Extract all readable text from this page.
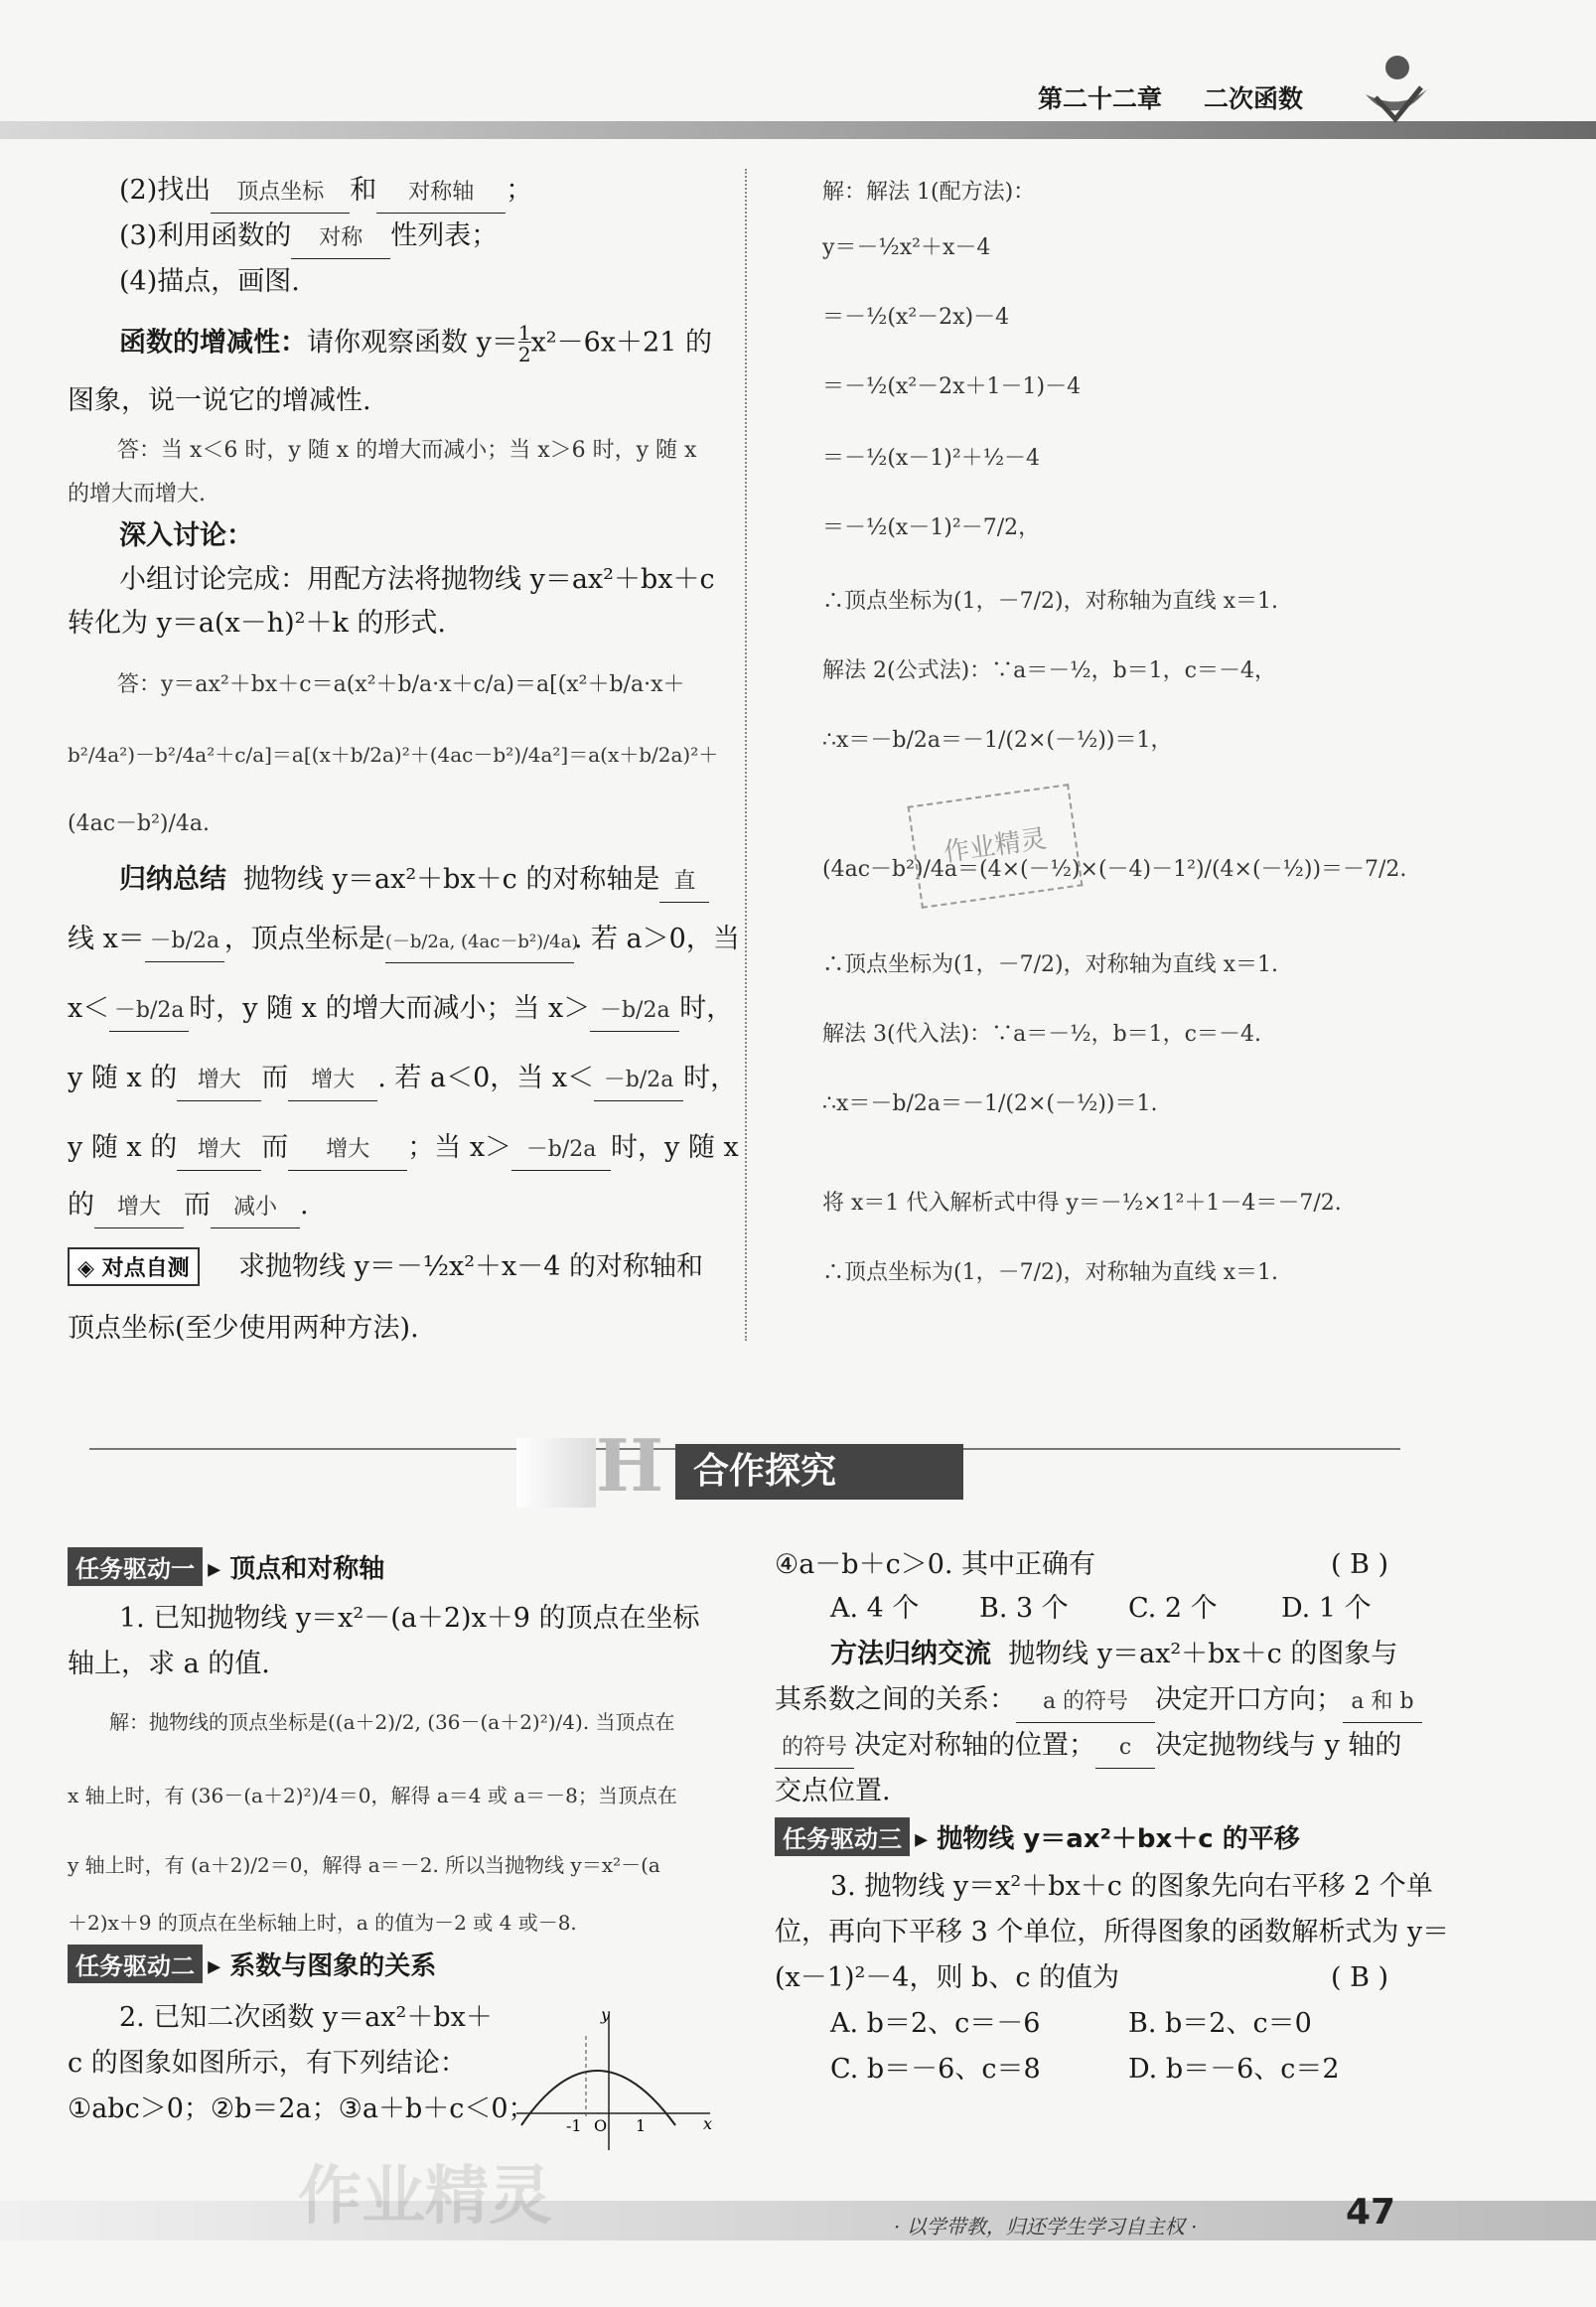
第二十二章 二次函数
(2)找出 顶点坐标 和 对称轴 ；
(3)利用函数的 对称 性列表；
(4)描点，画图.
函数的增减性：请你观察函数 $y=\frac{1}{2}x^2-6x+21$ 的
图象，说一说它的增减性.
答：当 x＜6 时，y 随 x 的增大而减小；当 x＞6 时，y 随 x
的增大而增大.
深入讨论：
小组讨论完成：用配方法将抛物线 y＝ax²＋bx＋c
转化为 y＝a(x－h)²＋k 的形式.
答：y＝ax²＋bx＋c＝a(x²＋b/a·x＋c/a)＝a[(x²＋b/a·x＋
b²/4a²)－b²/4a²＋c/a]＝a[(x＋b/2a)²＋(4ac－b²)/4a²]＝a(x＋b/2a)²＋
(4ac－b²)/4a.
归纳总结 抛物线 y＝ax²＋bx＋c 的对称轴是 直
线 x＝ －b/2a ，顶点坐标是(－b/2a, (4ac－b²)/4a). 若 a＞0，当
x＜ －b/2a 时，y 随 x 的增大而减小；当 x＞ －b/2a 时，
y 随 x 的 增大 而 增大 . 若 a＜0，当 x＜ －b/2a 时，
y 随 x 的 增大 而 增大 ；当 x＞ －b/2a 时，y 随 x
的 增大 而 减小 .
◈ 对点自测	求抛物线 y＝－½x²＋x－4 的对称轴和
顶点坐标(至少使用两种方法).
解：解法 1(配方法)：
y＝－½x²＋x－4
＝－½(x²－2x)－4
＝－½(x²－2x＋1－1)－4
＝－½(x－1)²＋½－4
＝－½(x－1)²－7/2，
∴顶点坐标为(1，－7/2)，对称轴为直线 x＝1.
解法 2(公式法)：∵a＝－½，b＝1，c＝－4，
∴x＝－b/2a＝－1/(2×(－½))＝1，
(4ac－b²)/4a＝(4×(－½)×(－4)－1²)/(4×(－½))＝－7/2.
作业精灵
∴顶点坐标为(1，－7/2)，对称轴为直线 x＝1.
解法 3(代入法)：∵a＝－½，b＝1，c＝－4.
∴x＝－b/2a＝－1/(2×(－½))＝1.
将 x＝1 代入解析式中得 y＝－½×1²＋1－4＝－7/2.
∴顶点坐标为(1，－7/2)，对称轴为直线 x＝1.
H 合作探究
任务驱动一 ▸ 顶点和对称轴
1. 已知抛物线 y＝x²－(a＋2)x＋9 的顶点在坐标
轴上，求 a 的值.
解：抛物线的顶点坐标是((a＋2)/2, (36－(a＋2)²)/4). 当顶点在
x 轴上时，有 (36－(a＋2)²)/4＝0，解得 a＝4 或 a＝－8；当顶点在
y 轴上时，有 (a＋2)/2＝0，解得 a＝－2. 所以当抛物线 y＝x²－(a
＋2)x＋9 的顶点在坐标轴上时，a 的值为－2 或 4 或－8.
任务驱动二 ▸ 系数与图象的关系
2. 已知二次函数 y＝ax²＋bx＋
c 的图象如图所示，有下列结论：
①abc＞0；②b＝2a；③a＋b＋c＜0；
y
x
-1 O 1
④a－b＋c＞0. 其中正确有	( B )
A. 4 个 B. 3 个 C. 2 个 D. 1 个
方法归纳交流 抛物线 y＝ax²＋bx＋c 的图象与
其系数之间的关系： a 的符号 决定开口方向； a 和 b
的符号 决定对称轴的位置； c 决定抛物线与 y 轴的
交点位置.
任务驱动三 ▸ 抛物线 y＝ax²＋bx＋c 的平移
3. 抛物线 y＝x²＋bx＋c 的图象先向右平移 2 个单
位，再向下平移 3 个单位，所得图象的函数解析式为 y＝
(x－1)²－4，则 b、c 的值为	( B )
A. b＝2、c＝－6	B. b＝2、c＝0
C. b＝－6、c＝8	D. b＝－6、c＝2
作业精灵	· 以学带教，归还学生学习自主权 ·	47
